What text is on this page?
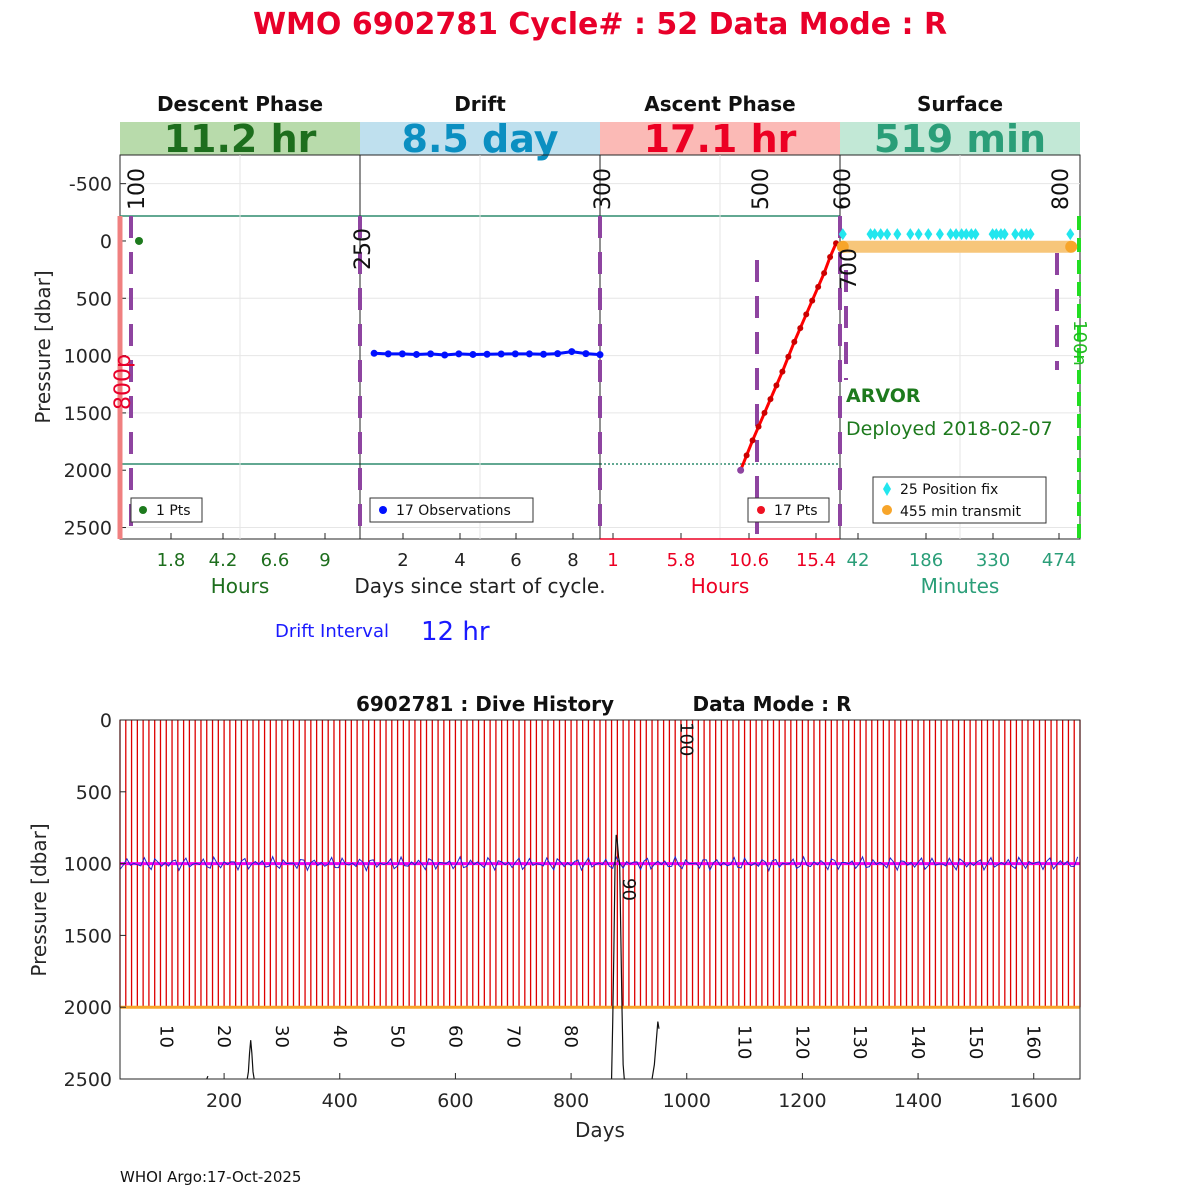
WMO 6902781 Cycle# : 52 Data Mode : R
Descent Phase
11.2 hr
Drift
8.5 day
Ascent Phase
17.1 hr
Surface
519 min
-500
0
500
1000
1500
2000
2500
1.8 4.2 6.6 9
Hours
2	4 6	8
Days since start of cycle.
1	5.8 10.6 15.4
Hours
42 186 330 474
Minutes
Pressure [dbar]
100
250
300	500	600
700
800
800p
100n
ARVOR
Deployed 2018-02-07
1 Pts	17 Observations	17 Pts
25 Position fix
455 min transmit
Drift Interval 12 hr
6902781 : Dive History	Data Mode : R
0
500
1000
1500
2000
2500
200	400	600	800	1000	1200	1400	1600
10 20 30 40 50 60 70 80
90
100
110 120 130 140 150 160
Pressure [dbar]
Days
WHOI Argo:17-Oct-2025
